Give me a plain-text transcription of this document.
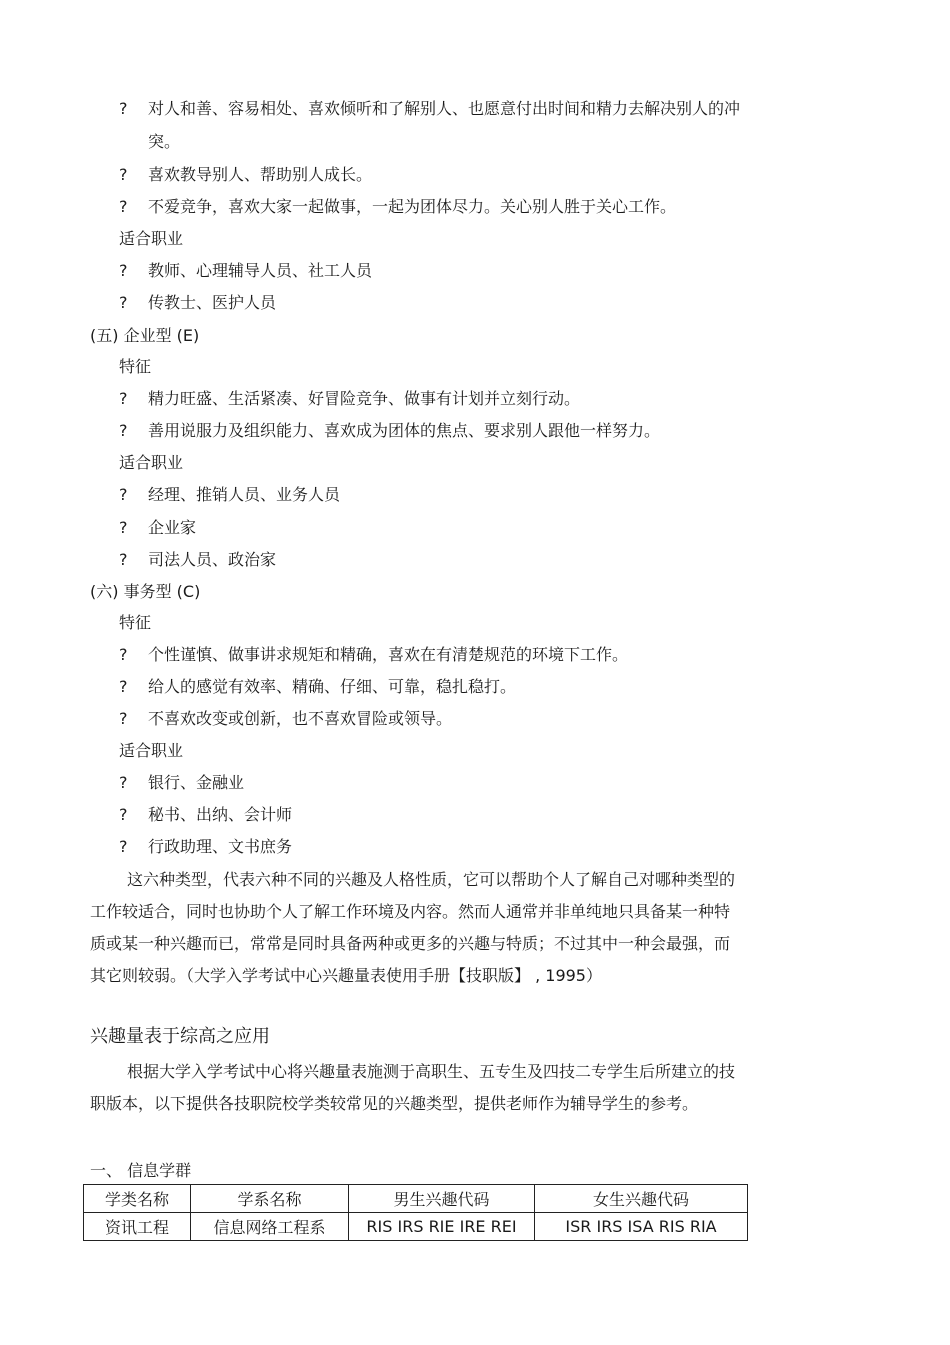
? 对人和善、容易相处、喜欢倾听和了解别人、也愿意付出时间和精力去解决别人的冲
突。
? 喜欢教导别人、帮助别人成长。
? 不爱竞争，喜欢大家一起做事，一起为团体尽力。关心别人胜于关心工作。
适合职业
? 教师、心理辅导人员、社工人员
? 传教士、医护人员
(五) 企业型 (E)
特征
? 精力旺盛、生活紧凑、好冒险竞争、做事有计划并立刻行动。
? 善用说服力及组织能力、喜欢成为团体的焦点、要求别人跟他一样努力。
适合职业
? 经理、推销人员、业务人员
? 企业家
? 司法人员、政治家
(六) 事务型 (C)
特征
? 个性谨慎、做事讲求规矩和精确，喜欢在有清楚规范的环境下工作。
? 给人的感觉有效率、精确、仔细、可靠，稳扎稳打。
? 不喜欢改变或创新，也不喜欢冒险或领导。
适合职业
? 银行、金融业
? 秘书、出纳、会计师
? 行政助理、文书庶务
这六种类型，代表六种不同的兴趣及人格性质，它可以帮助个人了解自己对哪种类型的
工作较适合，同时也协助个人了解工作环境及内容。然而人通常并非单纯地只具备某一种特
质或某一种兴趣而已，常常是同时具备两种或更多的兴趣与特质；不过其中一种会最强，而
其它则较弱。（大学入学考试中心兴趣量表使用手册【技职版】 , 1995）
兴趣量表于综高之应用
根据大学入学考试中心将兴趣量表施测于高职生、五专生及四技二专学生后所建立的技
职版本，以下提供各技职院校学类较常见的兴趣类型，提供老师作为辅导学生的参考。
一、 信息学群
学类名称	学系名称	男生兴趣代码	女生兴趣代码
资讯工程	信息网络工程系	RIS IRS RIE IRE REI	ISR IRS ISA RIS RIA
